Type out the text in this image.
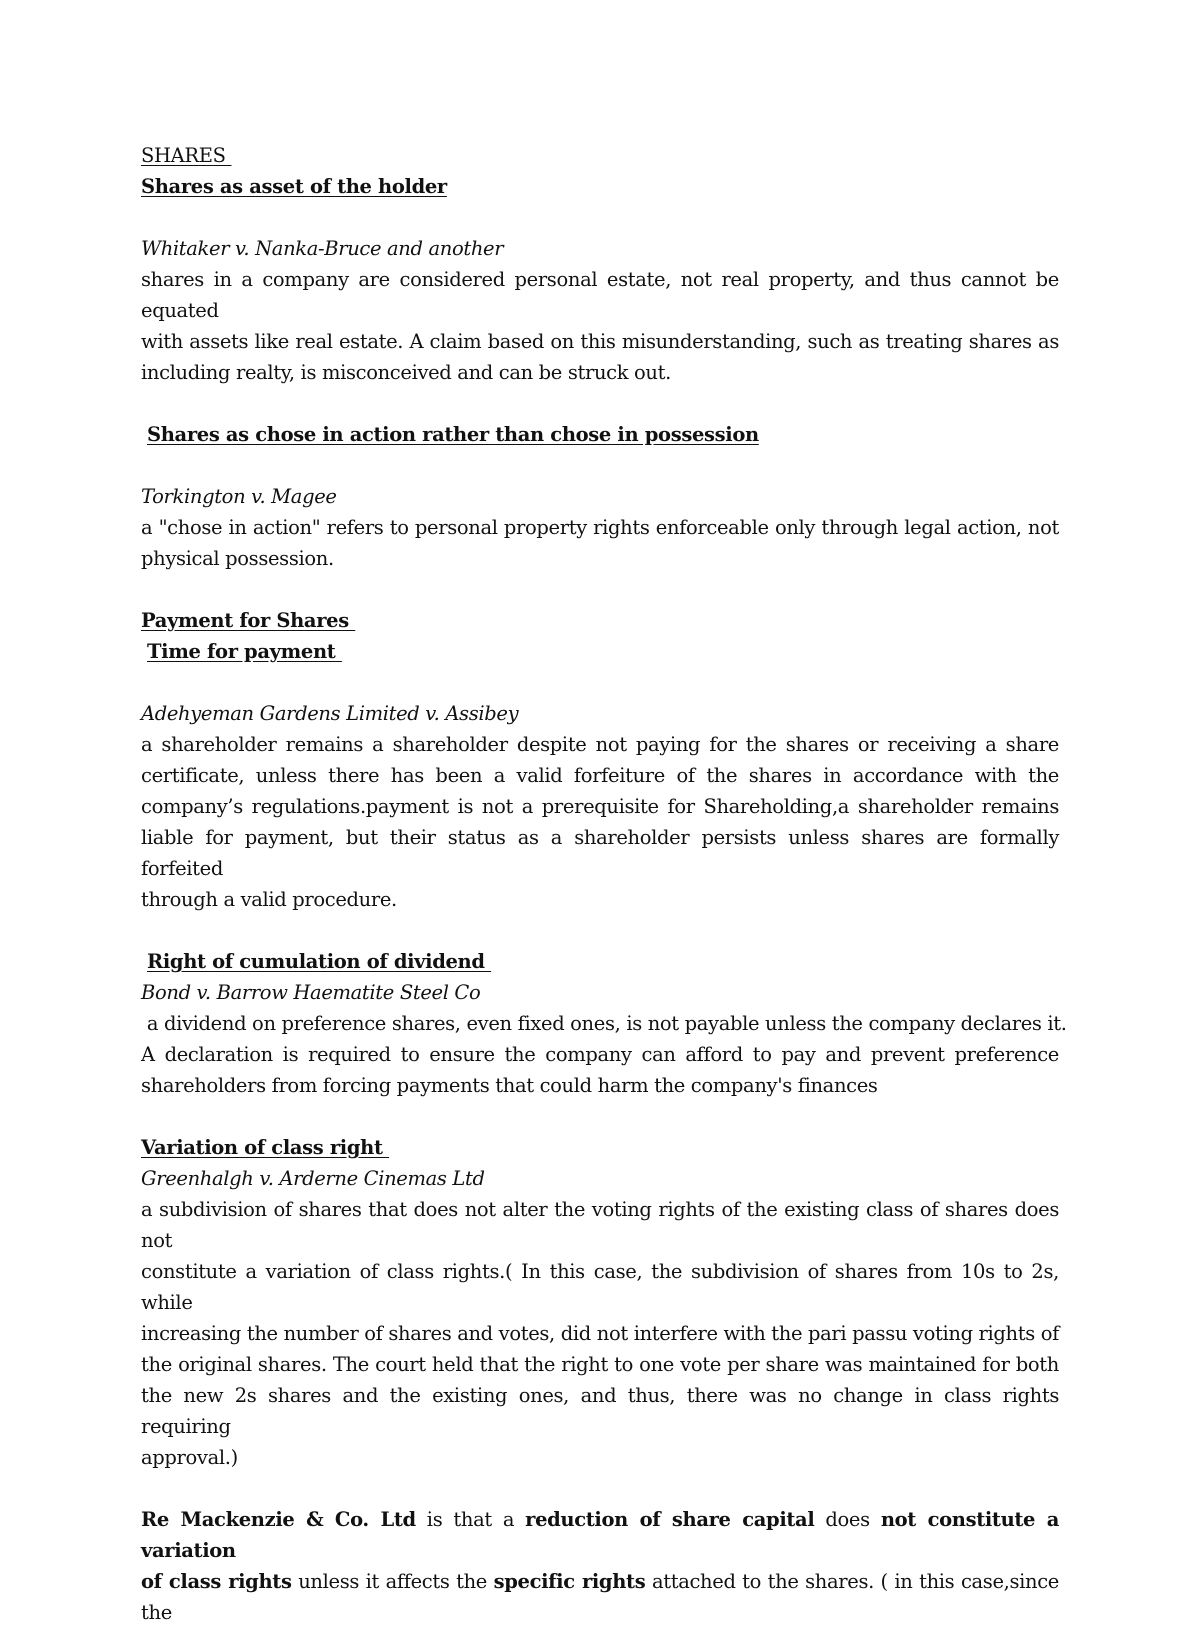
SHARES
Shares as asset of the holder
Whitaker v. Nanka-Bruce and another
shares in a company are considered personal estate, not real property, and thus cannot be equated
with assets like real estate. A claim based on this misunderstanding, such as treating shares as
including realty, is misconceived and can be struck out.
Shares as chose in action rather than chose in possession
Torkington v. Magee
a "chose in action" refers to personal property rights enforceable only through legal action, not
physical possession.
Payment for Shares
Time for payment
Adehyeman Gardens Limited v. Assibey
a shareholder remains a shareholder despite not paying for the shares or receiving a share
certificate, unless there has been a valid forfeiture of the shares in accordance with the
company’s regulations.payment is not a prerequisite for Shareholding,a shareholder remains
liable for payment, but their status as a shareholder persists unless shares are formally forfeited
through a valid procedure.
Right of cumulation of dividend
Bond v. Barrow Haematite Steel Co
a dividend on preference shares, even fixed ones, is not payable unless the company declares it.
A declaration is required to ensure the company can afford to pay and prevent preference
shareholders from forcing payments that could harm the company's finances
Variation of class right
Greenhalgh v. Arderne Cinemas Ltd
a subdivision of shares that does not alter the voting rights of the existing class of shares does not
constitute a variation of class rights.( In this case, the subdivision of shares from 10s to 2s, while
increasing the number of shares and votes, did not interfere with the pari passu voting rights of
the original shares. The court held that the right to one vote per share was maintained for both
the new 2s shares and the existing ones, and thus, there was no change in class rights requiring
approval.)
Re Mackenzie & Co. Ltd is that a reduction of share capital does not constitute a variation
of class rights unless it affects the specific rights attached to the shares. ( in this case,since the
